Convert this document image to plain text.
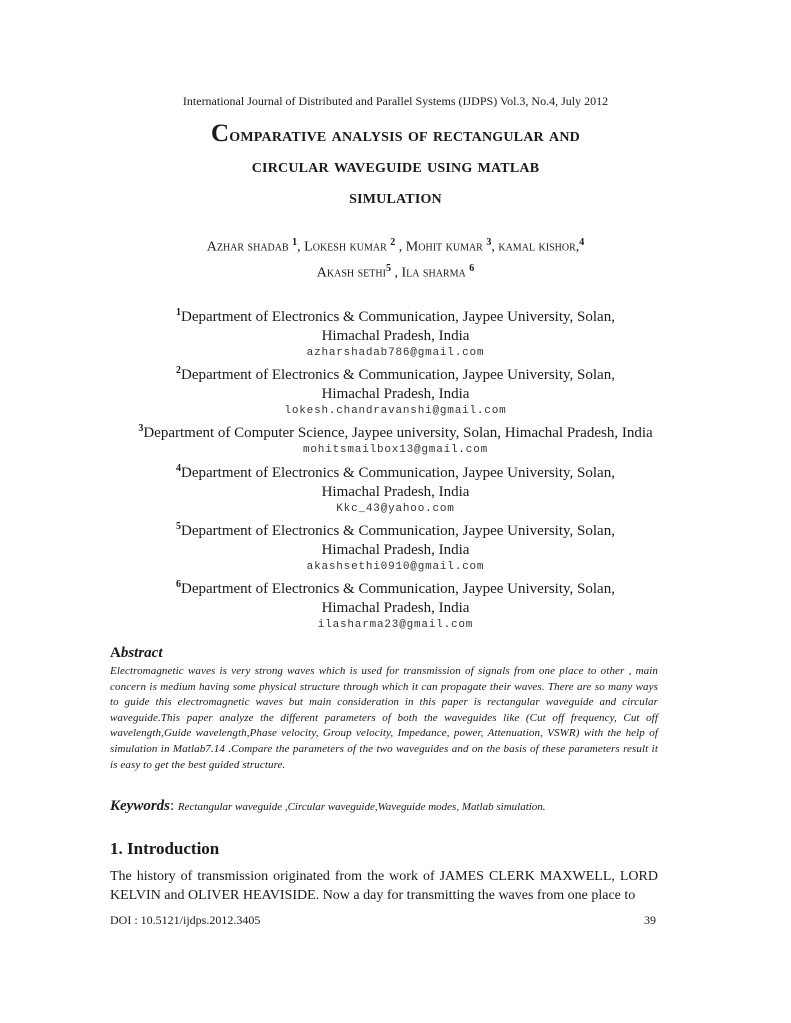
International Journal of Distributed and Parallel Systems (IJDPS) Vol.3, No.4, July 2012
Comparative analysis of rectangular and
circular waveguide using matlab
simulation
Azhar shadab $^1$, Lokesh kumar $^2$ , Mohit kumar $^3$, kamal kishor,$^4$
Akash sethi$^5$ , Ila sharma $^6$
$^1$Department of Electronics & Communication, Jaypee University, Solan,
Himachal Pradesh, India
azharshadab786@gmail.com
$^2$Department of Electronics & Communication, Jaypee University, Solan,
Himachal Pradesh, India
lokesh.chandravanshi@gmail.com
$^3$Department of Computer Science, Jaypee university, Solan, Himachal Pradesh, India
mohitsmailbox13@gmail.com
$^4$Department of Electronics & Communication, Jaypee University, Solan,
Himachal Pradesh, India
Kkc_43@yahoo.com
$^5$Department of Electronics & Communication, Jaypee University, Solan,
Himachal Pradesh, India
akashsethi0910@gmail.com
$^6$Department of Electronics & Communication, Jaypee University, Solan,
Himachal Pradesh, India
ilasharma23@gmail.com
Abstract
Electromagnetic waves is very strong waves which is used for transmission of signals from one place to other , main concern is medium having some physical structure through which it can propagate their waves. There are so many ways to guide this electromagnetic waves but main consideration in this paper is rectangular waveguide and circular waveguide.This paper analyze the different parameters of both the waveguides like (Cut off frequency, Cut off wavelength,Guide wavelength,Phase velocity, Group velocity, Impedance, power, Attenuation, VSWR) with the help of simulation in Matlab7.14 .Compare the parameters of the two waveguides and on the basis of these parameters result it is easy to get the best guided structure.
Keywords: Rectangular waveguide ,Circular waveguide,Waveguide modes, Matlab simulation.
1. Introduction
The history of transmission originated from the work of JAMES CLERK MAXWELL, LORD KELVIN and OLIVER HEAVISIDE. Now a day for transmitting the waves from one place to
DOI : 10.5121/ijdps.2012.3405	39
